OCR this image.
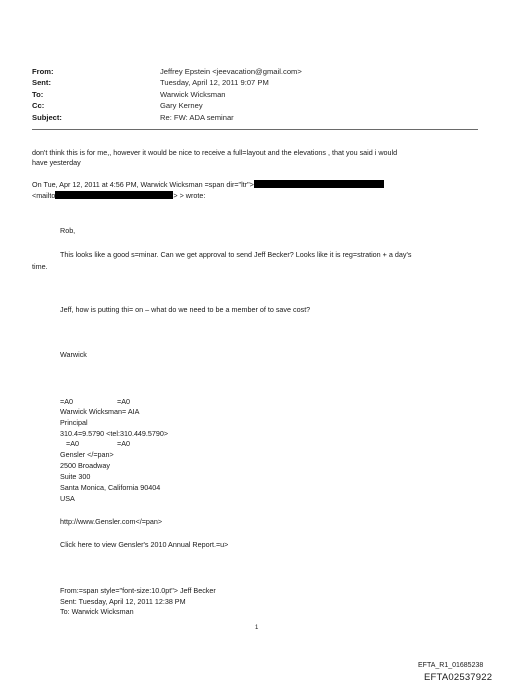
From:	Jeffrey Epstein <jeevacation@gmail.com>
Sent:	Tuesday, April 12, 2011 9:07 PM
To:	Warwick Wicksman
Cc:	Gary Kerney
Subject:	Re: FW: ADA seminar
don't think this is for me,, however it would be nice to receive a full=layout and the elevations , that you said i would
have yesterday
On Tue, Apr 12, 2011 at 4:56 PM, Warwick Wicksman =span dir="ltr">
<mailto	> > wrote:
Rob,
This looks like a good s=minar. Can we get approval to send Jeff Becker? Looks like it is reg=stration + a day's
time.
Jeff, how is putting thi= on – what do we need to be a member of to save cost?
Warwick
=A0	=A0
Warwick Wicksman= AIA
Principal
310.4=9.5790 <tel:310.449.5790>
=A0	=A0
Gensler </=pan>
2500 Broadway
Suite 300
Santa Monica, California 90404
USA
http://www.Gensler.com</=pan>
Click here to view Gensler's 2010 Annual Report.=u>
From:=span style="font-size:10.0pt"> Jeff Becker
Sent: Tuesday, April 12, 2011 12:38 PM
To: Warwick Wicksman
1
EFTA_R1_01685238
EFTA02537922
